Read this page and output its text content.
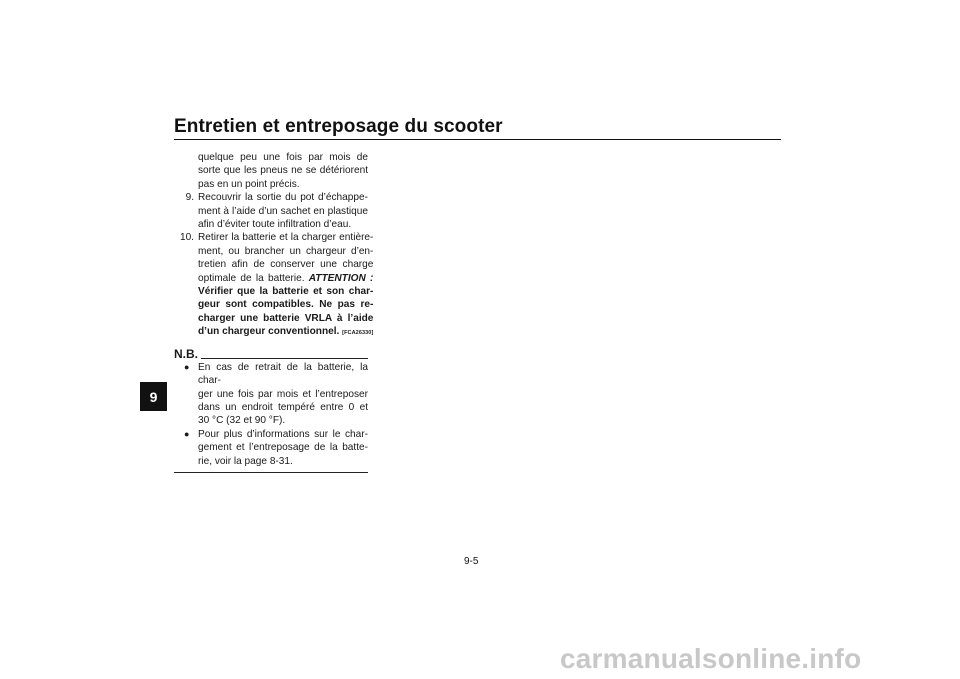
Entretien et entreposage du scooter
9
quelque peu une fois par mois de
sorte que les pneus ne se détériorent
pas en un point précis.
9. Recouvrir la sortie du pot d’échappe-
ment à l’aide d’un sachet en plastique
afin d’éviter toute infiltration d’eau.
10. Retirer la batterie et la charger entière-
ment, ou brancher un chargeur d’en-
tretien afin de conserver une charge
optimale de la batterie. ATTENTION :
Vérifier que la batterie et son char-
geur sont compatibles. Ne pas re-
charger une batterie VRLA à l’aide
d’un chargeur conventionnel. [FCA26330]
N.B.
● En cas de retrait de la batterie, la char-
ger une fois par mois et l’entreposer
dans un endroit tempéré entre 0 et
30 °C (32 et 90 °F).
● Pour plus d’informations sur le char-
gement et l’entreposage de la batte-
rie, voir la page 8-31.
9-5
carmanualsonline.info
